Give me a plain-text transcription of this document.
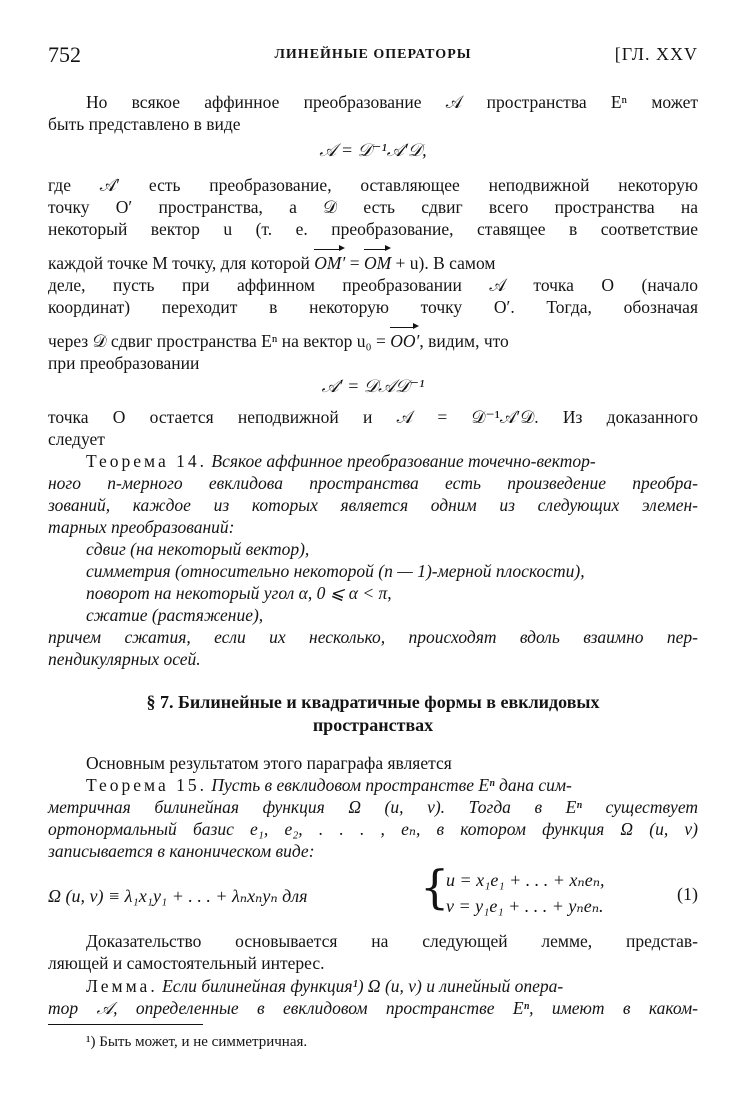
752	ЛИНЕЙНЫЕ ОПЕРАТОРЫ	[ГЛ. XXV
Но всякое аффинное преобразование 𝒜 пространства Eⁿ может
быть представлено в виде
𝒜 = 𝒟⁻¹𝒜′𝒟,
где 𝒜′ есть преобразование, оставляющее неподвижной некоторую
точку O′ пространства, а 𝒟 есть сдвиг всего пространства на
некоторый вектор u (т. е. преобразование, ставящее в соответствие
каждой точке M точку, для которой OM′ = OM + u). В самом
деле, пусть при аффинном преобразовании 𝒜 точка O (начало
координат) переходит в некоторую точку O′. Тогда, обозначая
через 𝒟 сдвиг пространства Eⁿ на вектор u₀ = OO′, видим, что
при преобразовании
𝒜′ = 𝒟𝒜𝒟⁻¹
точка O остается неподвижной и 𝒜 = 𝒟⁻¹𝒜′𝒟. Из доказанного
следует
Теорема 14. Всякое аффинное преобразование точечно-вектор-
ного n-мерного евклидова пространства есть произведение преобра-
зований, каждое из которых является одним из следующих элемен-
тарных преобразований:
сдвиг (на некоторый вектор),
симметрия (относительно некоторой (n — 1)-мерной плоскости),
поворот на некоторый угол α, 0 ⩽ α < π,
сжатие (растяжение),
причем сжатия, если их несколько, происходят вдоль взаимно пер-
пендикулярных осей.
§ 7. Билинейные и квадратичные формы в евклидовых
пространствах
Основным результатом этого параграфа является
Теорема 15. Пусть в евклидовом пространстве Eⁿ дана сим-
метричная билинейная функция Ω (u, v). Тогда в Eⁿ существует
ортонормальный базис e₁, e₂, . . . , eₙ, в котором функция Ω (u, v)
записывается в каноническом виде:
Ω (u, v) ≡ λ₁x₁y₁ + . . . + λₙxₙyₙ для {
u = x₁e₁ + . . . + xₙeₙ,
v = y₁e₁ + . . . + yₙeₙ.
(1)
Доказательство основывается на следующей лемме, представ-
ляющей и самостоятельный интерес.
Лемма. Если билинейная функция¹) Ω (u, v) и линейный опера-
тор 𝒜, определенные в евклидовом пространстве Eⁿ, имеют в каком-
¹) Быть может, и не симметричная.
